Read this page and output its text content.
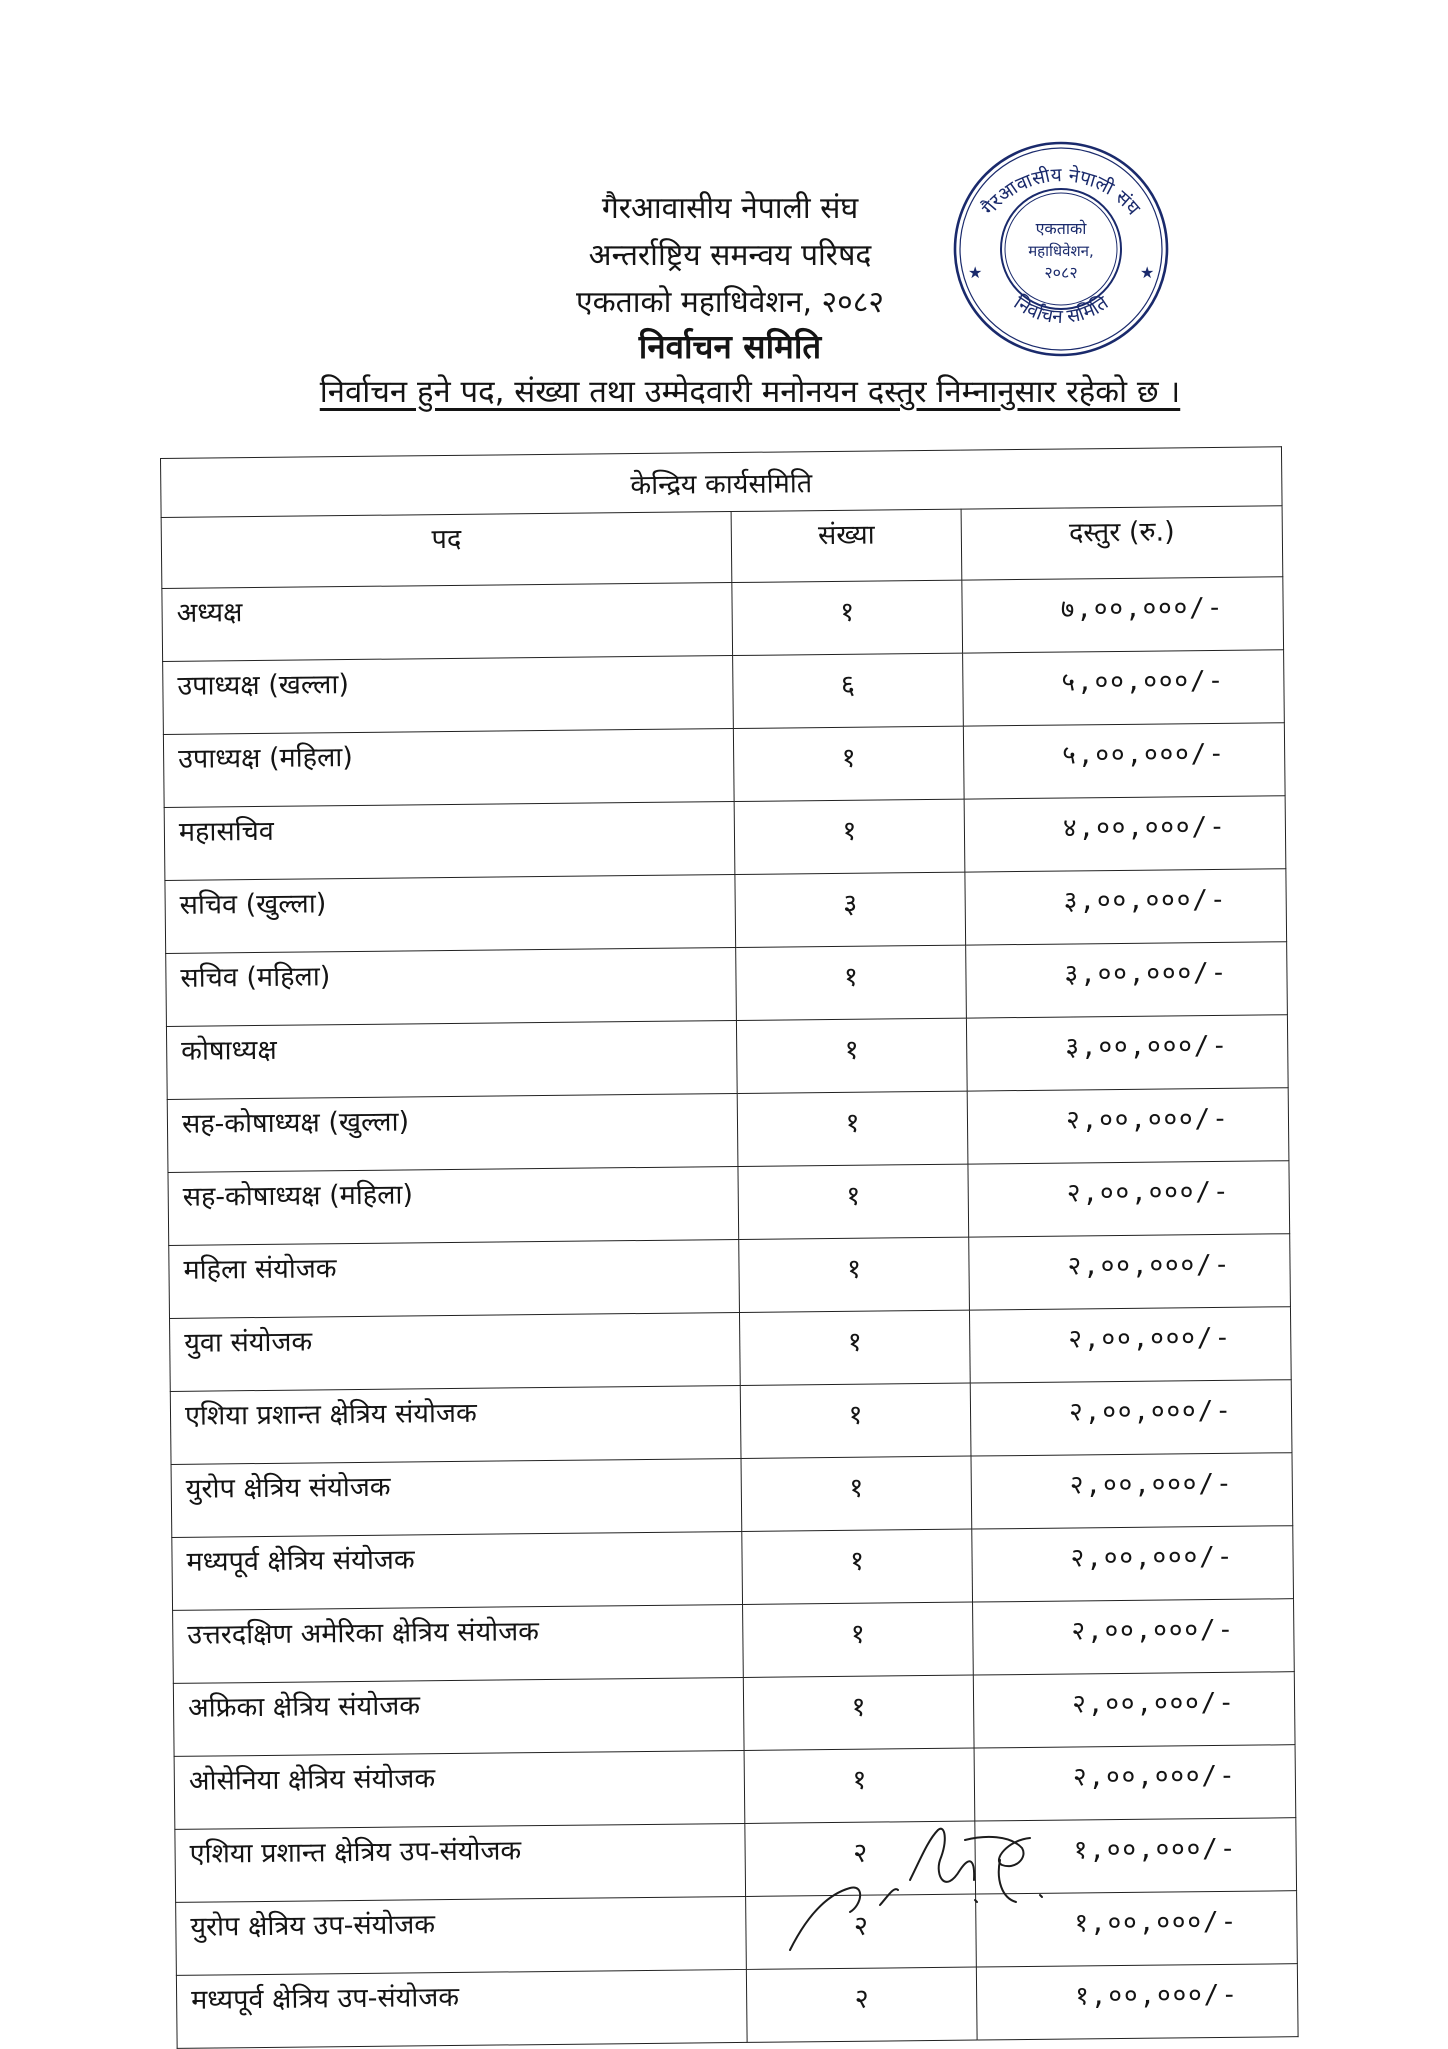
गैरआवासीय नेपाली संघ
अन्तर्राष्ट्रिय समन्वय परिषद
एकताको महाधिवेशन, २०८२
निर्वाचन समिति
गैरआवासीय नेपाली संघ
निर्वाचन समिति
एकताको
महाधिवेशन,
२०८२
★	★
निर्वाचन हुने पद, संख्या तथा उम्मेदवारी मनोनयन दस्तुर निम्नानुसार रहेको छ ।
केन्द्रिय कार्यसमिति		
पद	संख्या	दस्तुर (रु.)
अध्यक्ष	१	७,००,०००/-
उपाध्यक्ष (खल्ला)	६	५,००,०००/-
उपाध्यक्ष (महिला)	१	५,००,०००/-
महासचिव	१	४,००,०००/-
सचिव (खुल्ला)	३	३,००,०००/-
सचिव (महिला)	१	३,००,०००/-
कोषाध्यक्ष	१	३,००,०००/-
सह-कोषाध्यक्ष (खुल्ला)	१	२,००,०००/-
सह-कोषाध्यक्ष (महिला)	१	२,००,०००/-
महिला संयोजक	१	२,००,०००/-
युवा संयोजक	१	२,००,०००/-
एशिया प्रशान्त क्षेत्रिय संयोजक	१	२,००,०००/-
युरोप क्षेत्रिय संयोजक	१	२,००,०००/-
मध्यपूर्व क्षेत्रिय संयोजक	१	२,००,०००/-
उत्तरदक्षिण अमेरिका क्षेत्रिय संयोजक	१	२,००,०००/-
अफ्रिका क्षेत्रिय संयोजक	१	२,००,०००/-
ओसेनिया क्षेत्रिय संयोजक	१	२,००,०००/-
एशिया प्रशान्त क्षेत्रिय उप-संयोजक	२	१,००,०००/-
युरोप क्षेत्रिय उप-संयोजक	२	१,००,०००/-
मध्यपूर्व क्षेत्रिय उप-संयोजक	२	१,००,०००/-
